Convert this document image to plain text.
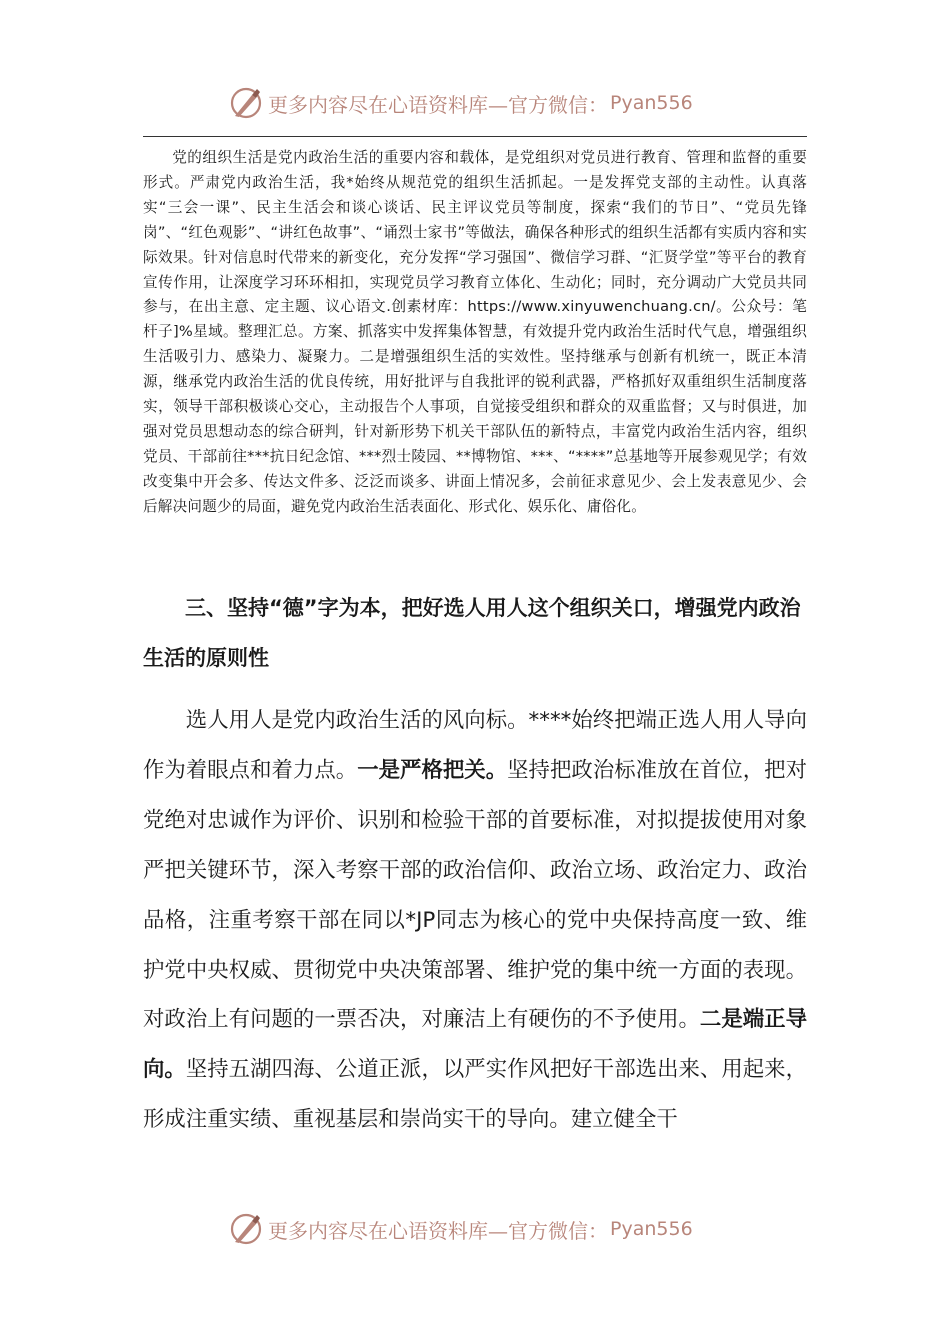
更多内容尽在心语资料库—官方微信： Pyan556

党的组织生活是党内政治生活的重要内容和载体，是党组织对党员进行教育、管理和监督的重要形式。严肃党内政治生活，我*始终从规范党的组织生活抓起。一是发挥党支部的主动性。认真落实“三会一课”、民主生活会和谈心谈话、民主评议党员等制度，探索“我们的节日”、“党员先锋岗”、“红色观影”、“讲红色故事”、“诵烈士家书”等做法，确保各种形式的组织生活都有实质内容和实际效果。针对信息时代带来的新变化，充分发挥“学习强国”、微信学习群、“汇贤学堂”等平台的教育宣传作用，让深度学习环环相扣，实现党员学习教育立体化、生动化；同时，充分调动广大党员共同参与，在出主意、定主题、议心语文.创素材库：https://www.xinyuwenchuang.cn/。公众号：笔杆子]%星域。整理汇总。方案、抓落实中发挥集体智慧，有效提升党内政治生活时代气息，增强组织生活吸引力、感染力、凝聚力。二是增强组织生活的实效性。坚持继承与创新有机统一，既正本清源，继承党内政治生活的优良传统，用好批评与自我批评的锐利武器，严格抓好双重组织生活制度落实，领导干部积极谈心交心，主动报告个人事项，自觉接受组织和群众的双重监督；又与时俱进，加强对党员思想动态的综合研判，针对新形势下机关干部队伍的新特点，丰富党内政治生活内容，组织党员、干部前往***抗日纪念馆、***烈士陵园、**博物馆、***、“****”总基地等开展参观见学；有效改变集中开会多、传达文件多、泛泛而谈多、讲面上情况多，会前征求意见少、会上发表意见少、会后解决问题少的局面，避免党内政治生活表面化、形式化、娱乐化、庸俗化。

三、坚持“德”字为本，把好选人用人这个组织关口，增强党内政治生活的原则性

选人用人是党内政治生活的风向标。****始终把端正选人用人导向作为着眼点和着力点。一是严格把关。坚持把政治标准放在首位，把对党绝对忠诚作为评价、识别和检验干部的首要标准，对拟提拔使用对象严把关键环节，深入考察干部的政治信仰、政治立场、政治定力、政治品格，注重考察干部在同以*JP同志为核心的党中央保持高度一致、维护党中央权威、贯彻党中央决策部署、维护党的集中统一方面的表现。对政治上有问题的一票否决，对廉洁上有硬伤的不予使用。二是端正导向。坚持五湖四海、公道正派，以严实作风把好干部选出来、用起来，形成注重实绩、重视基层和崇尚实干的导向。建立健全干

更多内容尽在心语资料库—官方微信： Pyan556
